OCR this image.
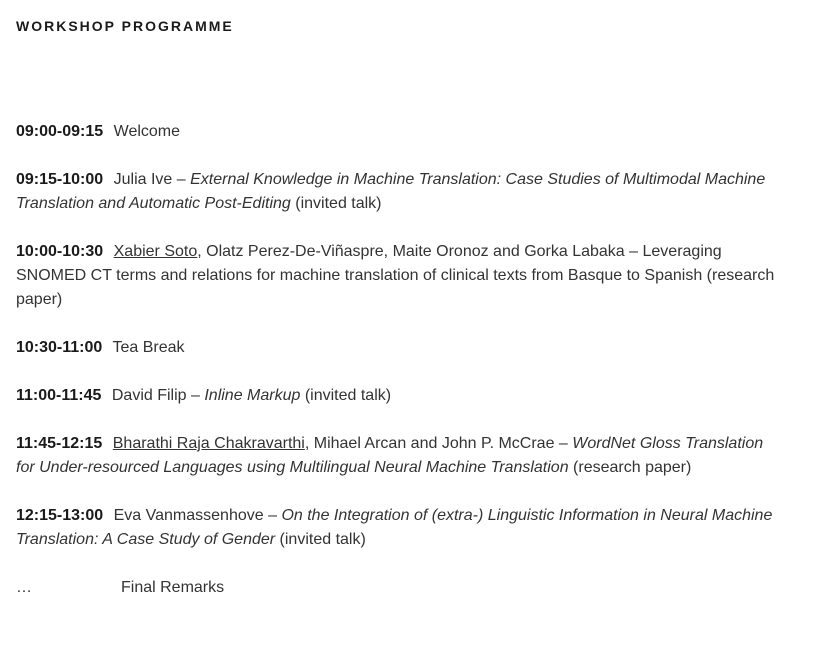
WORKSHOP PROGRAMME

09:00-09:15 Welcome

09:15-10:00 Julia Ive – External Knowledge in Machine Translation: Case Studies of Multimodal Machine Translation and Automatic Post-Editing (invited talk)

10:00-10:30 Xabier Soto, Olatz Perez-De-Viñaspre, Maite Oronoz and Gorka Labaka – Leveraging SNOMED CT terms and relations for machine translation of clinical texts from Basque to Spanish (research paper)

10:30-11:00 Tea Break

11:00-11:45 David Filip – Inline Markup (invited talk)

11:45-12:15 Bharathi Raja Chakravarthi, Mihael Arcan and John P. McCrae – WordNet Gloss Translation for Under-resourced Languages using Multilingual Neural Machine Translation (research paper)

12:15-13:00 Eva Vanmassenhove – On the Integration of (extra-) Linguistic Information in Neural Machine Translation: A Case Study of Gender (invited talk)

…	Final Remarks
